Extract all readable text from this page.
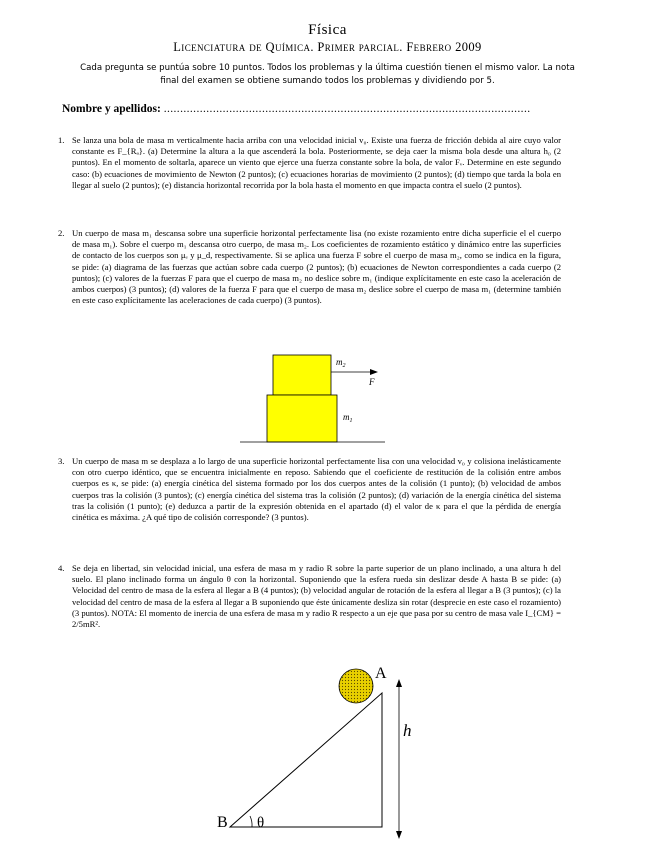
Física
Licenciatura de Química. Primer parcial. Febrero 2009
Cada pregunta se puntúa sobre 10 puntos. Todos los problemas y la última cuestión tienen el mismo valor. La nota final del examen se obtiene sumando todos los problemas y dividiendo por 5.
Nombre y apellidos: ................................................................................................................
1. Se lanza una bola de masa m verticalmente hacia arriba con una velocidad inicial v₀. Existe una fuerza de fricción debida al aire cuyo valor constante es F_{Rₐ}. (a) Determine la altura a la que ascenderá la bola. Posteriormente, se deja caer la misma bola desde una altura h₀ (2 puntos). En el momento de soltarla, aparece un viento que ejerce una fuerza constante sobre la bola, de valor Fᵥ. Determine en este segundo caso: (b) ecuaciones de movimiento de Newton (2 puntos); (c) ecuaciones horarias de movimiento (2 puntos); (d) tiempo que tarda la bola en llegar al suelo (2 puntos); (e) distancia horizontal recorrida por la bola hasta el momento en que impacta contra el suelo (2 puntos).
2. Un cuerpo de masa m₁ descansa sobre una superficie horizontal perfectamente lisa (no existe rozamiento entre dicha superficie el el cuerpo de masa m₁). Sobre el cuerpo m₁ descansa otro cuerpo, de masa m₂. Los coeficientes de rozamiento estático y dinámico entre las superficies de contacto de los cuerpos son μₑ y μ_d, respectivamente. Si se aplica una fuerza F sobre el cuerpo de masa m₂, como se indica en la figura, se pide: (a) diagrama de las fuerzas que actúan sobre cada cuerpo (2 puntos); (b) ecuaciones de Newton correspondientes a cada cuerpo (2 puntos); (c) valores de la fuerzas F para que el cuerpo de masa m₂ no deslice sobre m₁ (indique explícitamente en este caso la aceleración de ambos cuerpos) (3 puntos); (d) valores de la fuerza F para que el cuerpo de masa m₂ deslice sobre el cuerpo de masa m₁ (determine también en este caso explícitamente las aceleraciones de cada cuerpo) (3 puntos).
$m_2$
F
$m_1$
3. Un cuerpo de masa m se desplaza a lo largo de una superficie horizontal perfectamente lisa con una velocidad v₀ y colisiona inelásticamente con otro cuerpo idéntico, que se encuentra inicialmente en reposo. Sabiendo que el coeficiente de restitución de la colisión entre ambos cuerpos es κ, se pide: (a) energía cinética del sistema formado por los dos cuerpos antes de la colisión (1 punto); (b) velocidad de ambos cuerpos tras la colisión (3 puntos); (c) energía cinética del sistema tras la colisión (2 puntos); (d) variación de la energía cinética del sistema tras la colisión (1 punto); (e) deduzca a partir de la expresión obtenida en el apartado (d) el valor de κ para el que la pérdida de energía cinética es máxima. ¿A qué tipo de colisión corresponde? (3 puntos).
4. Se deja en libertad, sin velocidad inicial, una esfera de masa m y radio R sobre la parte superior de un plano inclinado, a una altura h del suelo. El plano inclinado forma un ángulo θ con la horizontal. Suponiendo que la esfera rueda sin deslizar desde A hasta B se pide: (a) Velocidad del centro de masa de la esfera al llegar a B (4 puntos); (b) velocidad angular de rotación de la esfera al llegar a B (3 puntos); (c) la velocidad del centro de masa de la esfera al llegar a B suponiendo que éste únicamente desliza sin rotar (desprecie en este caso el rozamiento) (3 puntos). NOTA: El momento de inercia de una esfera de masa m y radio R respecto a un eje que pasa por su centro de masa vale I_{CM} = 2/5mR².
A
B θ
h
